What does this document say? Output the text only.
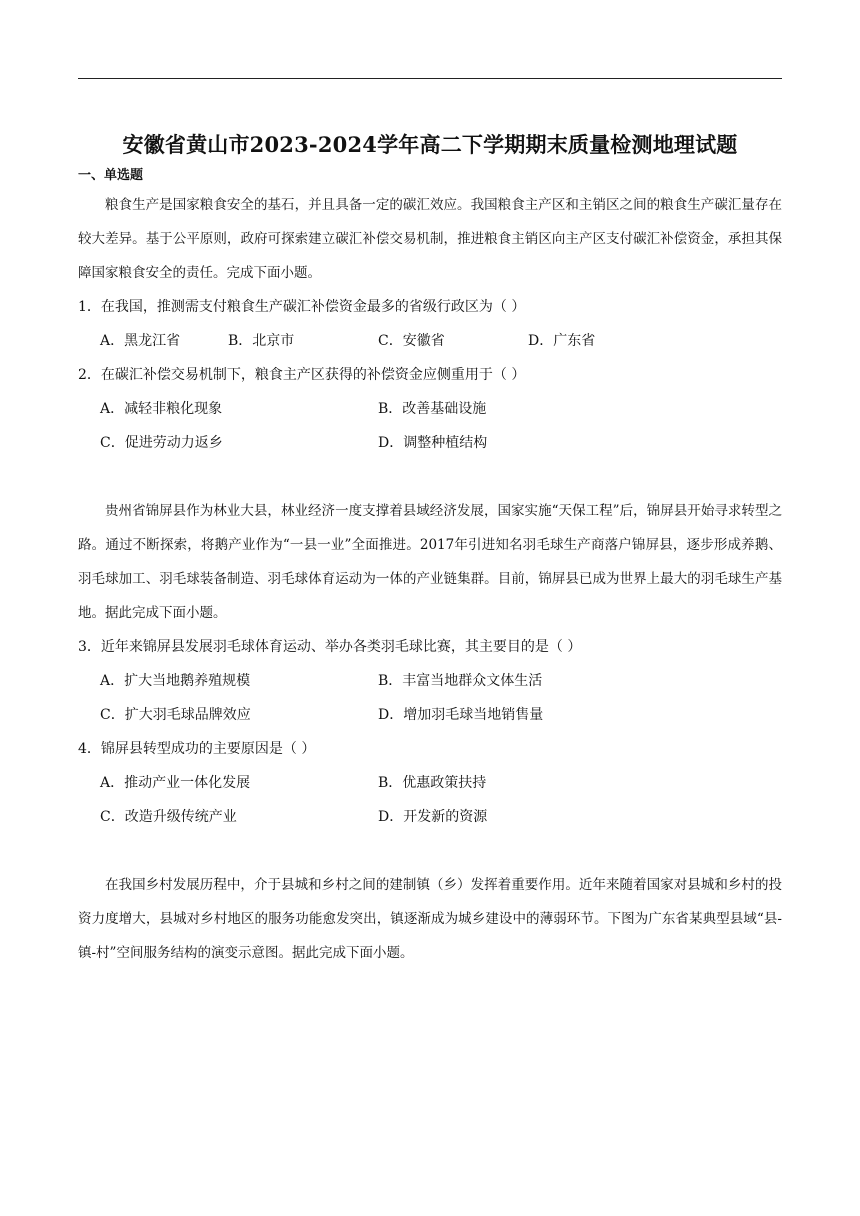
安徽省黄山市2023-2024学年高二下学期期末质量检测地理试题
一、单选题

粮食生产是国家粮食安全的基石，并且具备一定的碳汇效应。我国粮食主产区和主销区之间的粮食生产碳汇量存在较大差异。基于公平原则，政府可探索建立碳汇补偿交易机制，推进粮食主销区向主产区支付碳汇补偿资金，承担其保障国家粮食安全的责任。完成下面小题。

1．在我国，推测需支付粮食生产碳汇补偿资金最多的省级行政区为（ ）
A．黑龙江省	B．北京市	C．安徽省	D．广东省
2．在碳汇补偿交易机制下，粮食主产区获得的补偿资金应侧重用于（ ）
A．减轻非粮化现象	B．改善基础设施
C．促进劳动力返乡	D．调整种植结构

贵州省锦屏县作为林业大县，林业经济一度支撑着县域经济发展，国家实施“天保工程”后，锦屏县开始寻求转型之路。通过不断探索，将鹅产业作为“一县一业”全面推进。2017年引进知名羽毛球生产商落户锦屏县，逐步形成养鹅、羽毛球加工、羽毛球装备制造、羽毛球体育运动为一体的产业链集群。目前，锦屏县已成为世界上最大的羽毛球生产基地。据此完成下面小题。

3．近年来锦屏县发展羽毛球体育运动、举办各类羽毛球比赛，其主要目的是（ ）
A．扩大当地鹅养殖规模	B．丰富当地群众文体生活
C．扩大羽毛球品牌效应	D．增加羽毛球当地销售量
4．锦屏县转型成功的主要原因是（ ）
A．推动产业一体化发展	B．优惠政策扶持
C．改造升级传统产业	D．开发新的资源

在我国乡村发展历程中，介于县城和乡村之间的建制镇（乡）发挥着重要作用。近年来随着国家对县城和乡村的投资力度增大，县城对乡村地区的服务功能愈发突出，镇逐渐成为城乡建设中的薄弱环节。下图为广东省某典型县域“县-镇-村”空间服务结构的演变示意图。据此完成下面小题。
